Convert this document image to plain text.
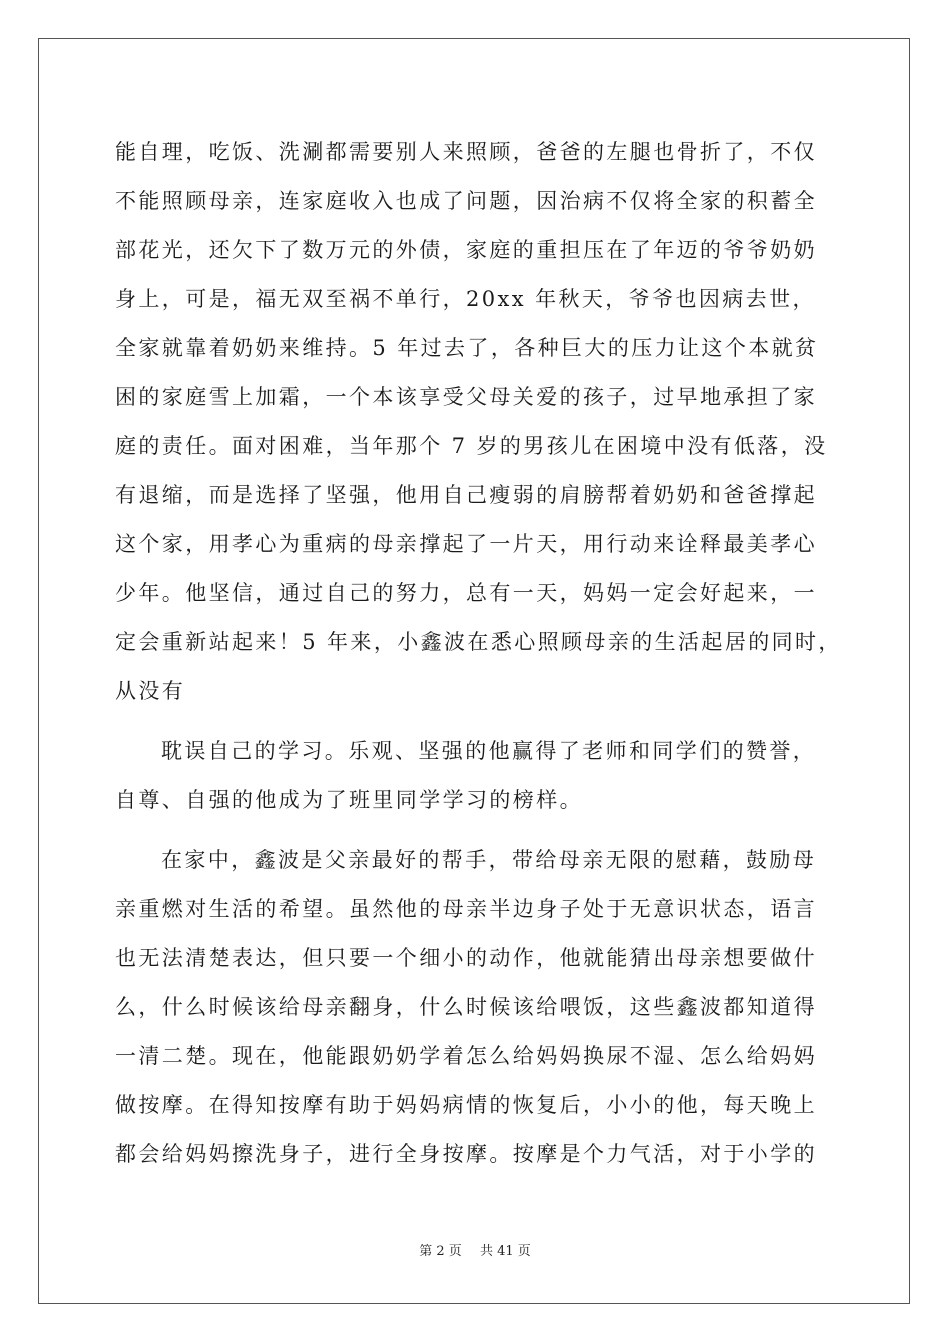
能自理，吃饭、洗涮都需要别人来照顾，爸爸的左腿也骨折了，不仅
不能照顾母亲，连家庭收入也成了问题，因治病不仅将全家的积蓄全
部花光，还欠下了数万元的外债，家庭的重担压在了年迈的爷爷奶奶
身上，可是，福无双至祸不单行，20xx 年秋天，爷爷也因病去世，
全家就靠着奶奶来维持。5 年过去了，各种巨大的压力让这个本就贫
困的家庭雪上加霜，一个本该享受父母关爱的孩子，过早地承担了家
庭的责任。面对困难，当年那个 7 岁的男孩儿在困境中没有低落，没
有退缩，而是选择了坚强，他用自己瘦弱的肩膀帮着奶奶和爸爸撑起
这个家，用孝心为重病的母亲撑起了一片天，用行动来诠释最美孝心
少年。他坚信，通过自己的努力，总有一天，妈妈一定会好起来，一
定会重新站起来！5 年来，小鑫波在悉心照顾母亲的生活起居的同时，
从没有
耽误自己的学习。乐观、坚强的他赢得了老师和同学们的赞誉，
自尊、自强的他成为了班里同学学习的榜样。
在家中，鑫波是父亲最好的帮手，带给母亲无限的慰藉，鼓励母
亲重燃对生活的希望。虽然他的母亲半边身子处于无意识状态，语言
也无法清楚表达，但只要一个细小的动作，他就能猜出母亲想要做什
么，什么时候该给母亲翻身，什么时候该给喂饭，这些鑫波都知道得
一清二楚。现在，他能跟奶奶学着怎么给妈妈换尿不湿、怎么给妈妈
做按摩。在得知按摩有助于妈妈病情的恢复后，小小的他，每天晚上
都会给妈妈擦洗身子，进行全身按摩。按摩是个力气活，对于小学的
第 2 页 共 41 页
